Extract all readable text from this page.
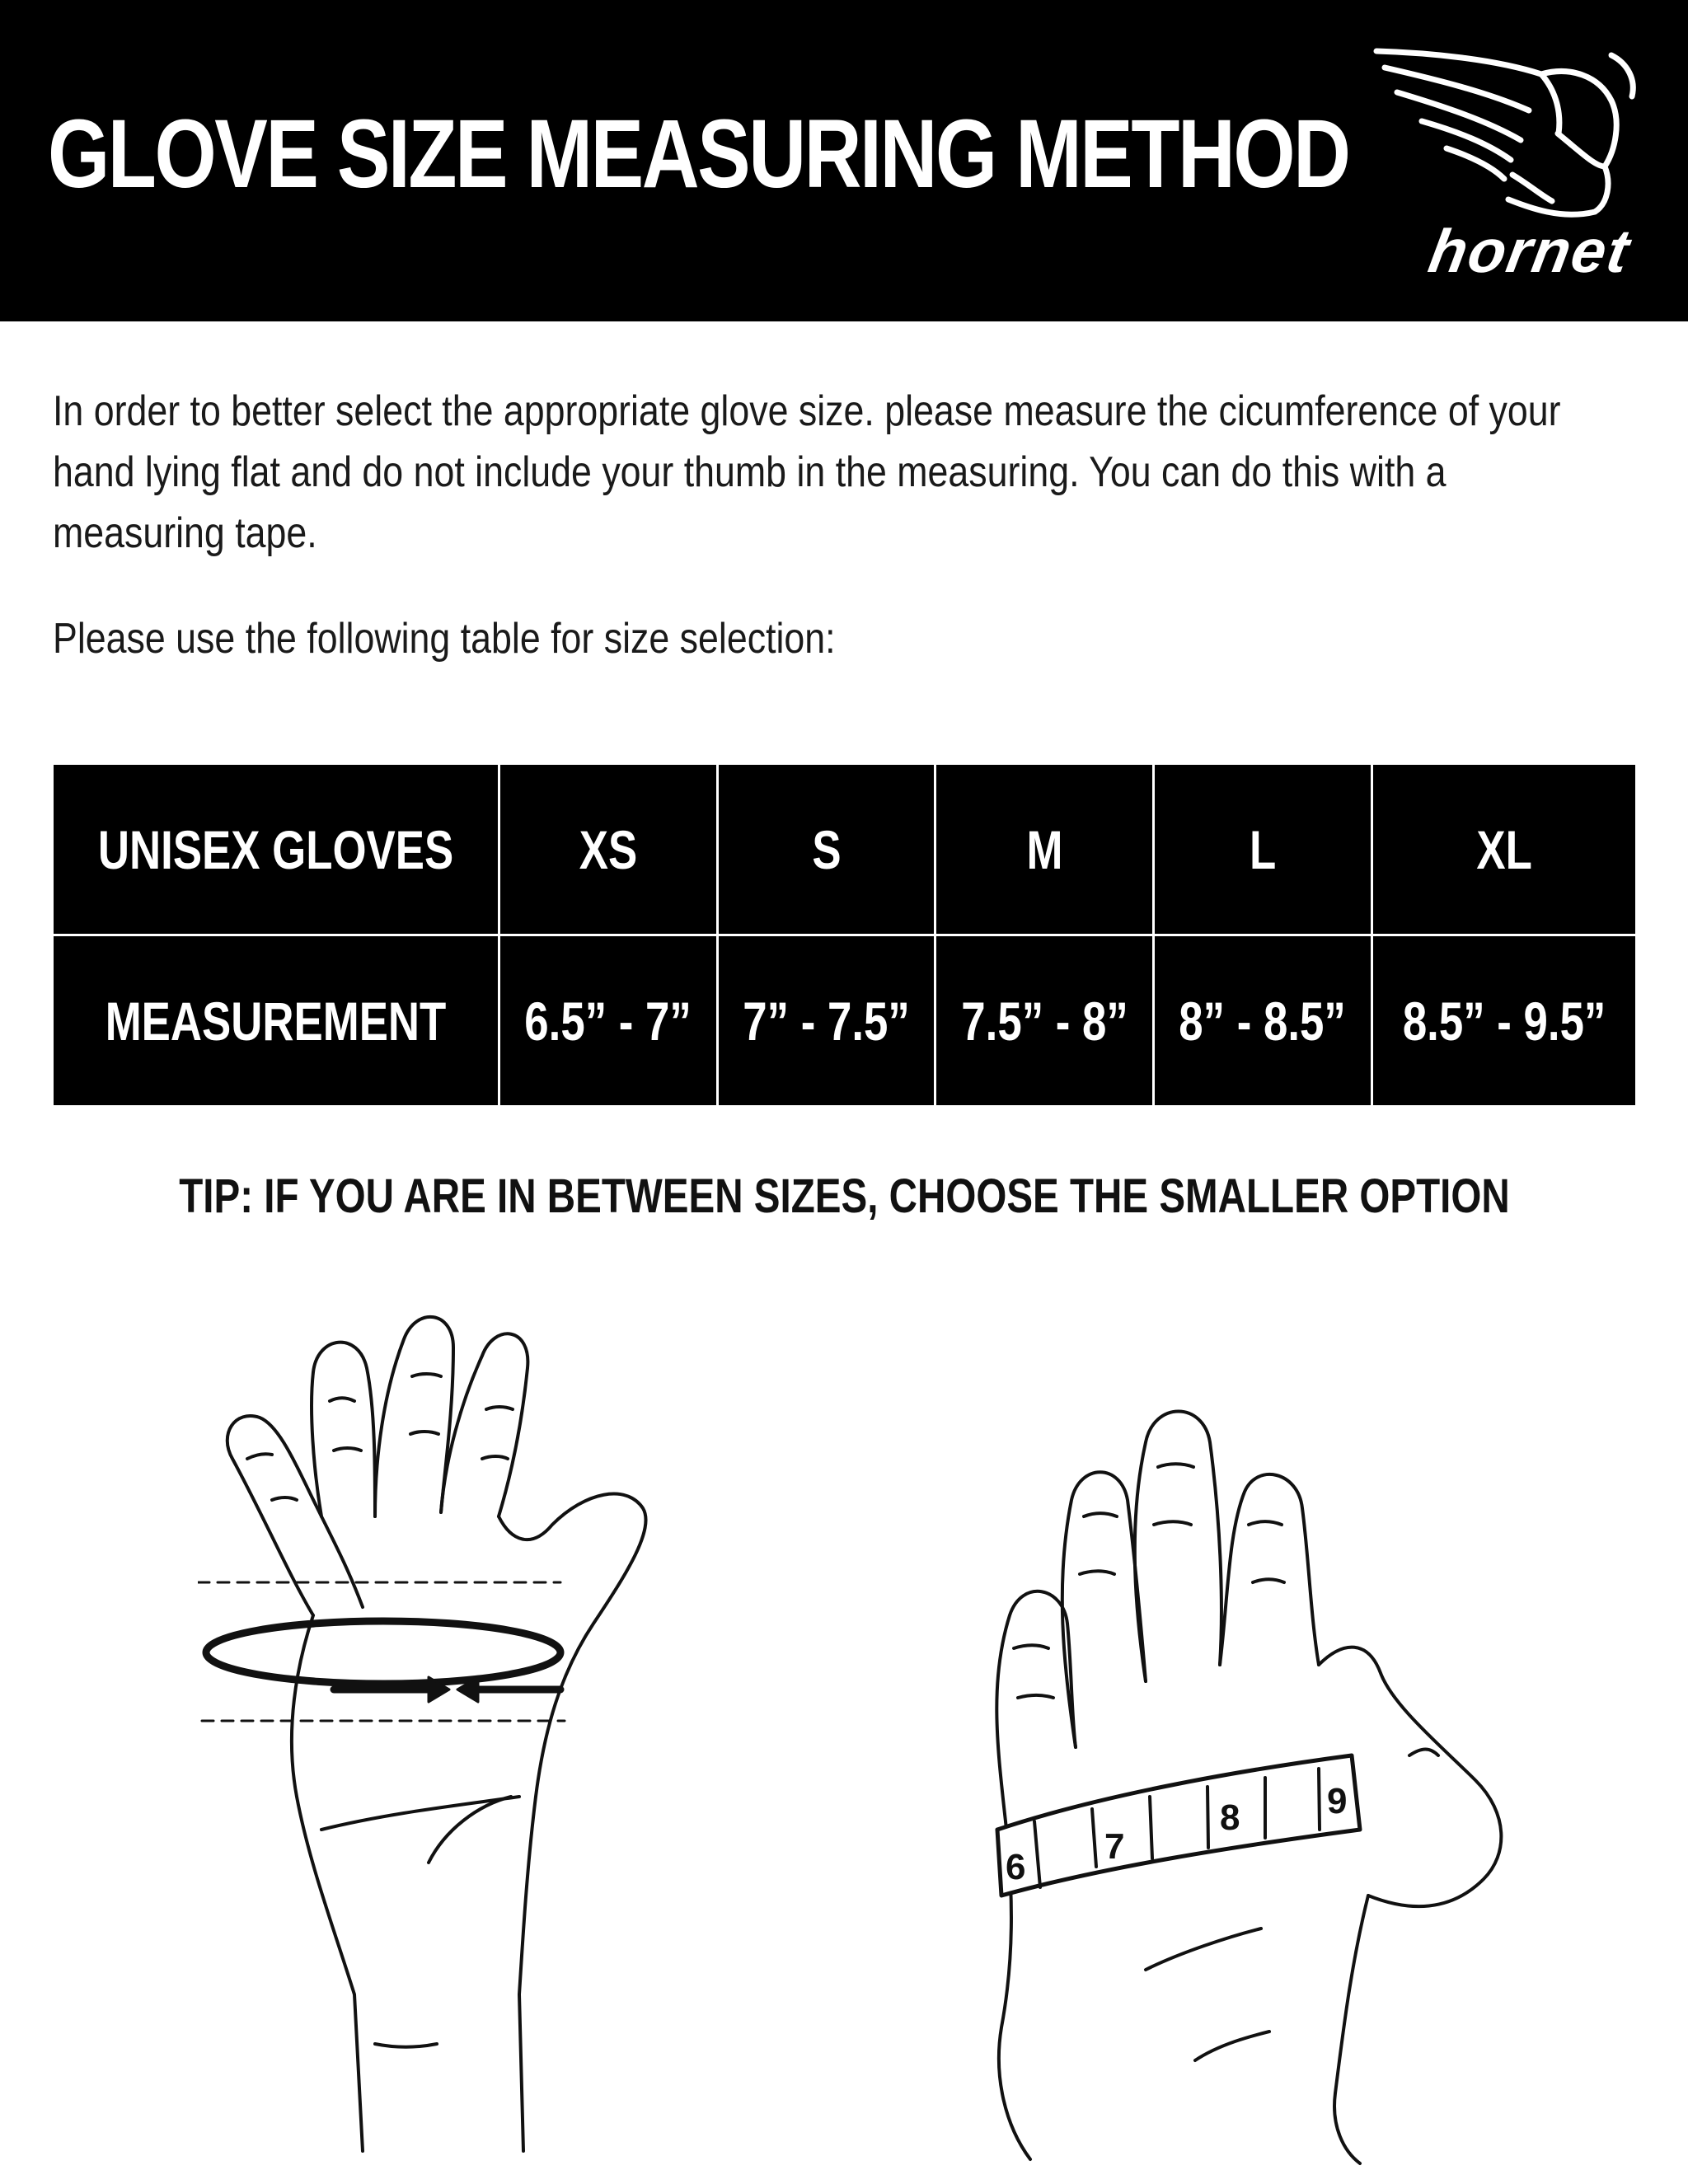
GLOVE SIZE MEASURING METHOD
hornet

In order to better select the appropriate glove size. please measure the cicumference of your hand lying flat and do not include your thumb in the measuring. You can do this with a measuring tape.

Please use the following table for size selection:

UNISEX GLOVES	XS	S	M	L	XL
MEASUREMENT	6.5” - 7”	7” - 7.5”	7.5” - 8”	8” - 8.5”	8.5” - 9.5”
TIP: IF YOU ARE IN BETWEEN SIZES, CHOOSE THE SMALLER OPTION
6
7
8 9
